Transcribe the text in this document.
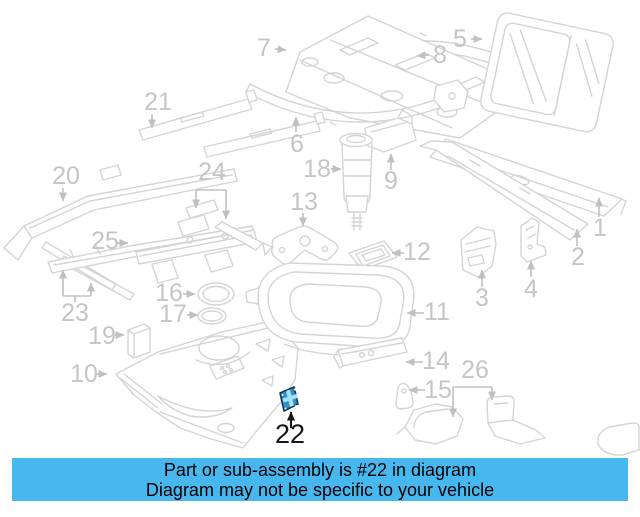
1
2
3 4
5
6
7	8
9
10
11
12
13
14
15
16
17
18
19
20
21
22
23
24
25
26
Part or sub-assembly is #22 in diagram
Diagram may not be specific to your vehicle
